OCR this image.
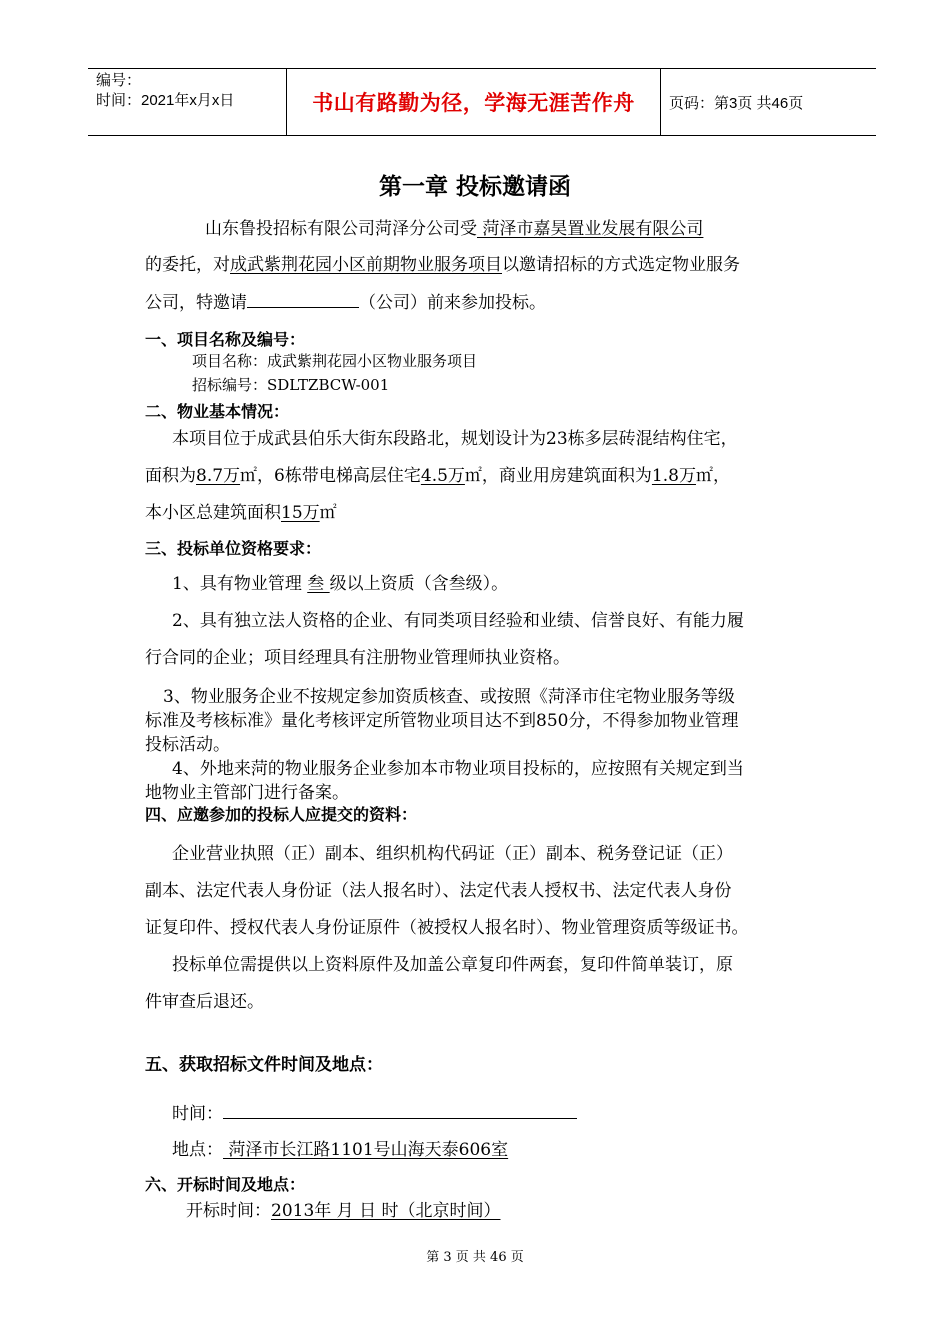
编号：
时间：2021年x月x日	书山有路勤为径，学海无涯苦作舟	页码：第3页 共46页
第一章 投标邀请函
山东鲁投招标有限公司菏泽分公司受 菏泽市嘉昊置业发展有限公司
的委托，对成武紫荆花园小区前期物业服务项目以邀请招标的方式选定物业服务
公司，特邀请	（公司）前来参加投标。
一、项目名称及编号：
项目名称：成武紫荆花园小区物业服务项目
招标编号：SDLTZBCW-001
二、物业基本情况：
本项目位于成武县伯乐大街东段路北，规划设计为23栋多层砖混结构住宅，
面积为8.7万㎡，6栋带电梯高层住宅4.5万㎡，商业用房建筑面积为1.8万㎡，
本小区总建筑面积15万㎡
三、投标单位资格要求：
1、具有物业管理 叁 级以上资质（含叁级）。
2、具有独立法人资格的企业、有同类项目经验和业绩、信誉良好、有能力履
行合同的企业；项目经理具有注册物业管理师执业资格。
3、物业服务企业不按规定参加资质核查、或按照《菏泽市住宅物业服务等级
标准及考核标准》量化考核评定所管物业项目达不到850分，不得参加物业管理
投标活动。
4、外地来菏的物业服务企业参加本市物业项目投标的，应按照有关规定到当
地物业主管部门进行备案。
四、应邀参加的投标人应提交的资料：
企业营业执照（正）副本、组织机构代码证（正）副本、税务登记证（正）
副本、法定代表人身份证（法人报名时）、法定代表人授权书、法定代表人身份
证复印件、授权代表人身份证原件（被授权人报名时）、物业管理资质等级证书。
投标单位需提供以上资料原件及加盖公章复印件两套，复印件简单装订，原
件审查后退还。
五、获取招标文件时间及地点：
时间：
地点： 菏泽市长江路1101号山海天泰606室
六、开标时间及地点：
开标时间：2013年 月 日 时（北京时间）
第 3 页 共 46 页
